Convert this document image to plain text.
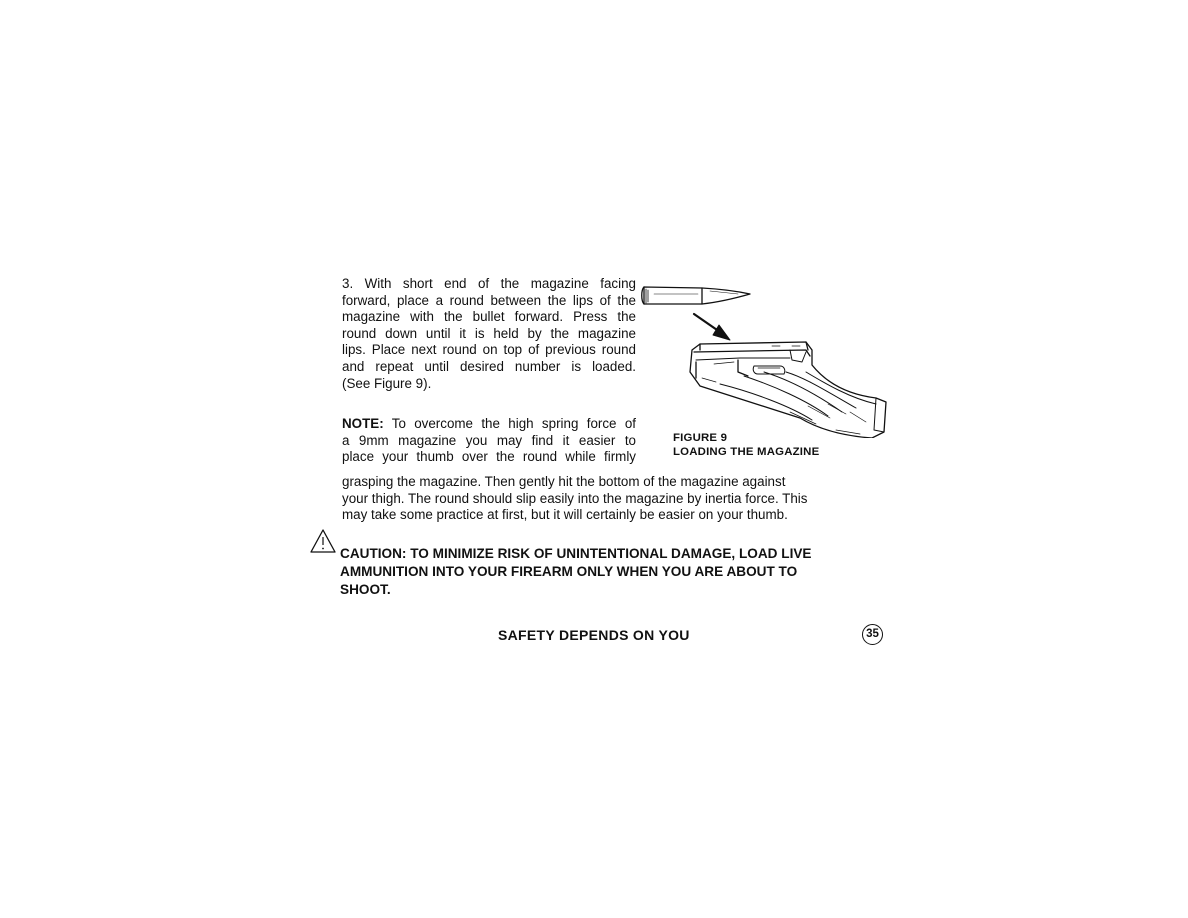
3. With short end of the magazine facing
forward, place a round between the lips of the
magazine with the bullet forward. Press the
round down until it is held by the magazine
lips. Place next round on top of previous round
and repeat until desired number is loaded.
(See Figure 9).
NOTE: To overcome the high spring force of
a 9mm magazine you may find it easier to
place your thumb over the round while firmly
grasping the magazine. Then gently hit the bottom of the magazine against
your thigh. The round should slip easily into the magazine by inertia force. This
may take some practice at first, but it will certainly be easier on your thumb.
FIGURE 9
LOADING THE MAGAZINE
CAUTION: TO MINIMIZE RISK OF UNINTENTIONAL DAMAGE, LOAD LIVE
AMMUNITION INTO YOUR FIREARM ONLY WHEN YOU ARE ABOUT TO
SHOOT.
SAFETY DEPENDS ON YOU	35
